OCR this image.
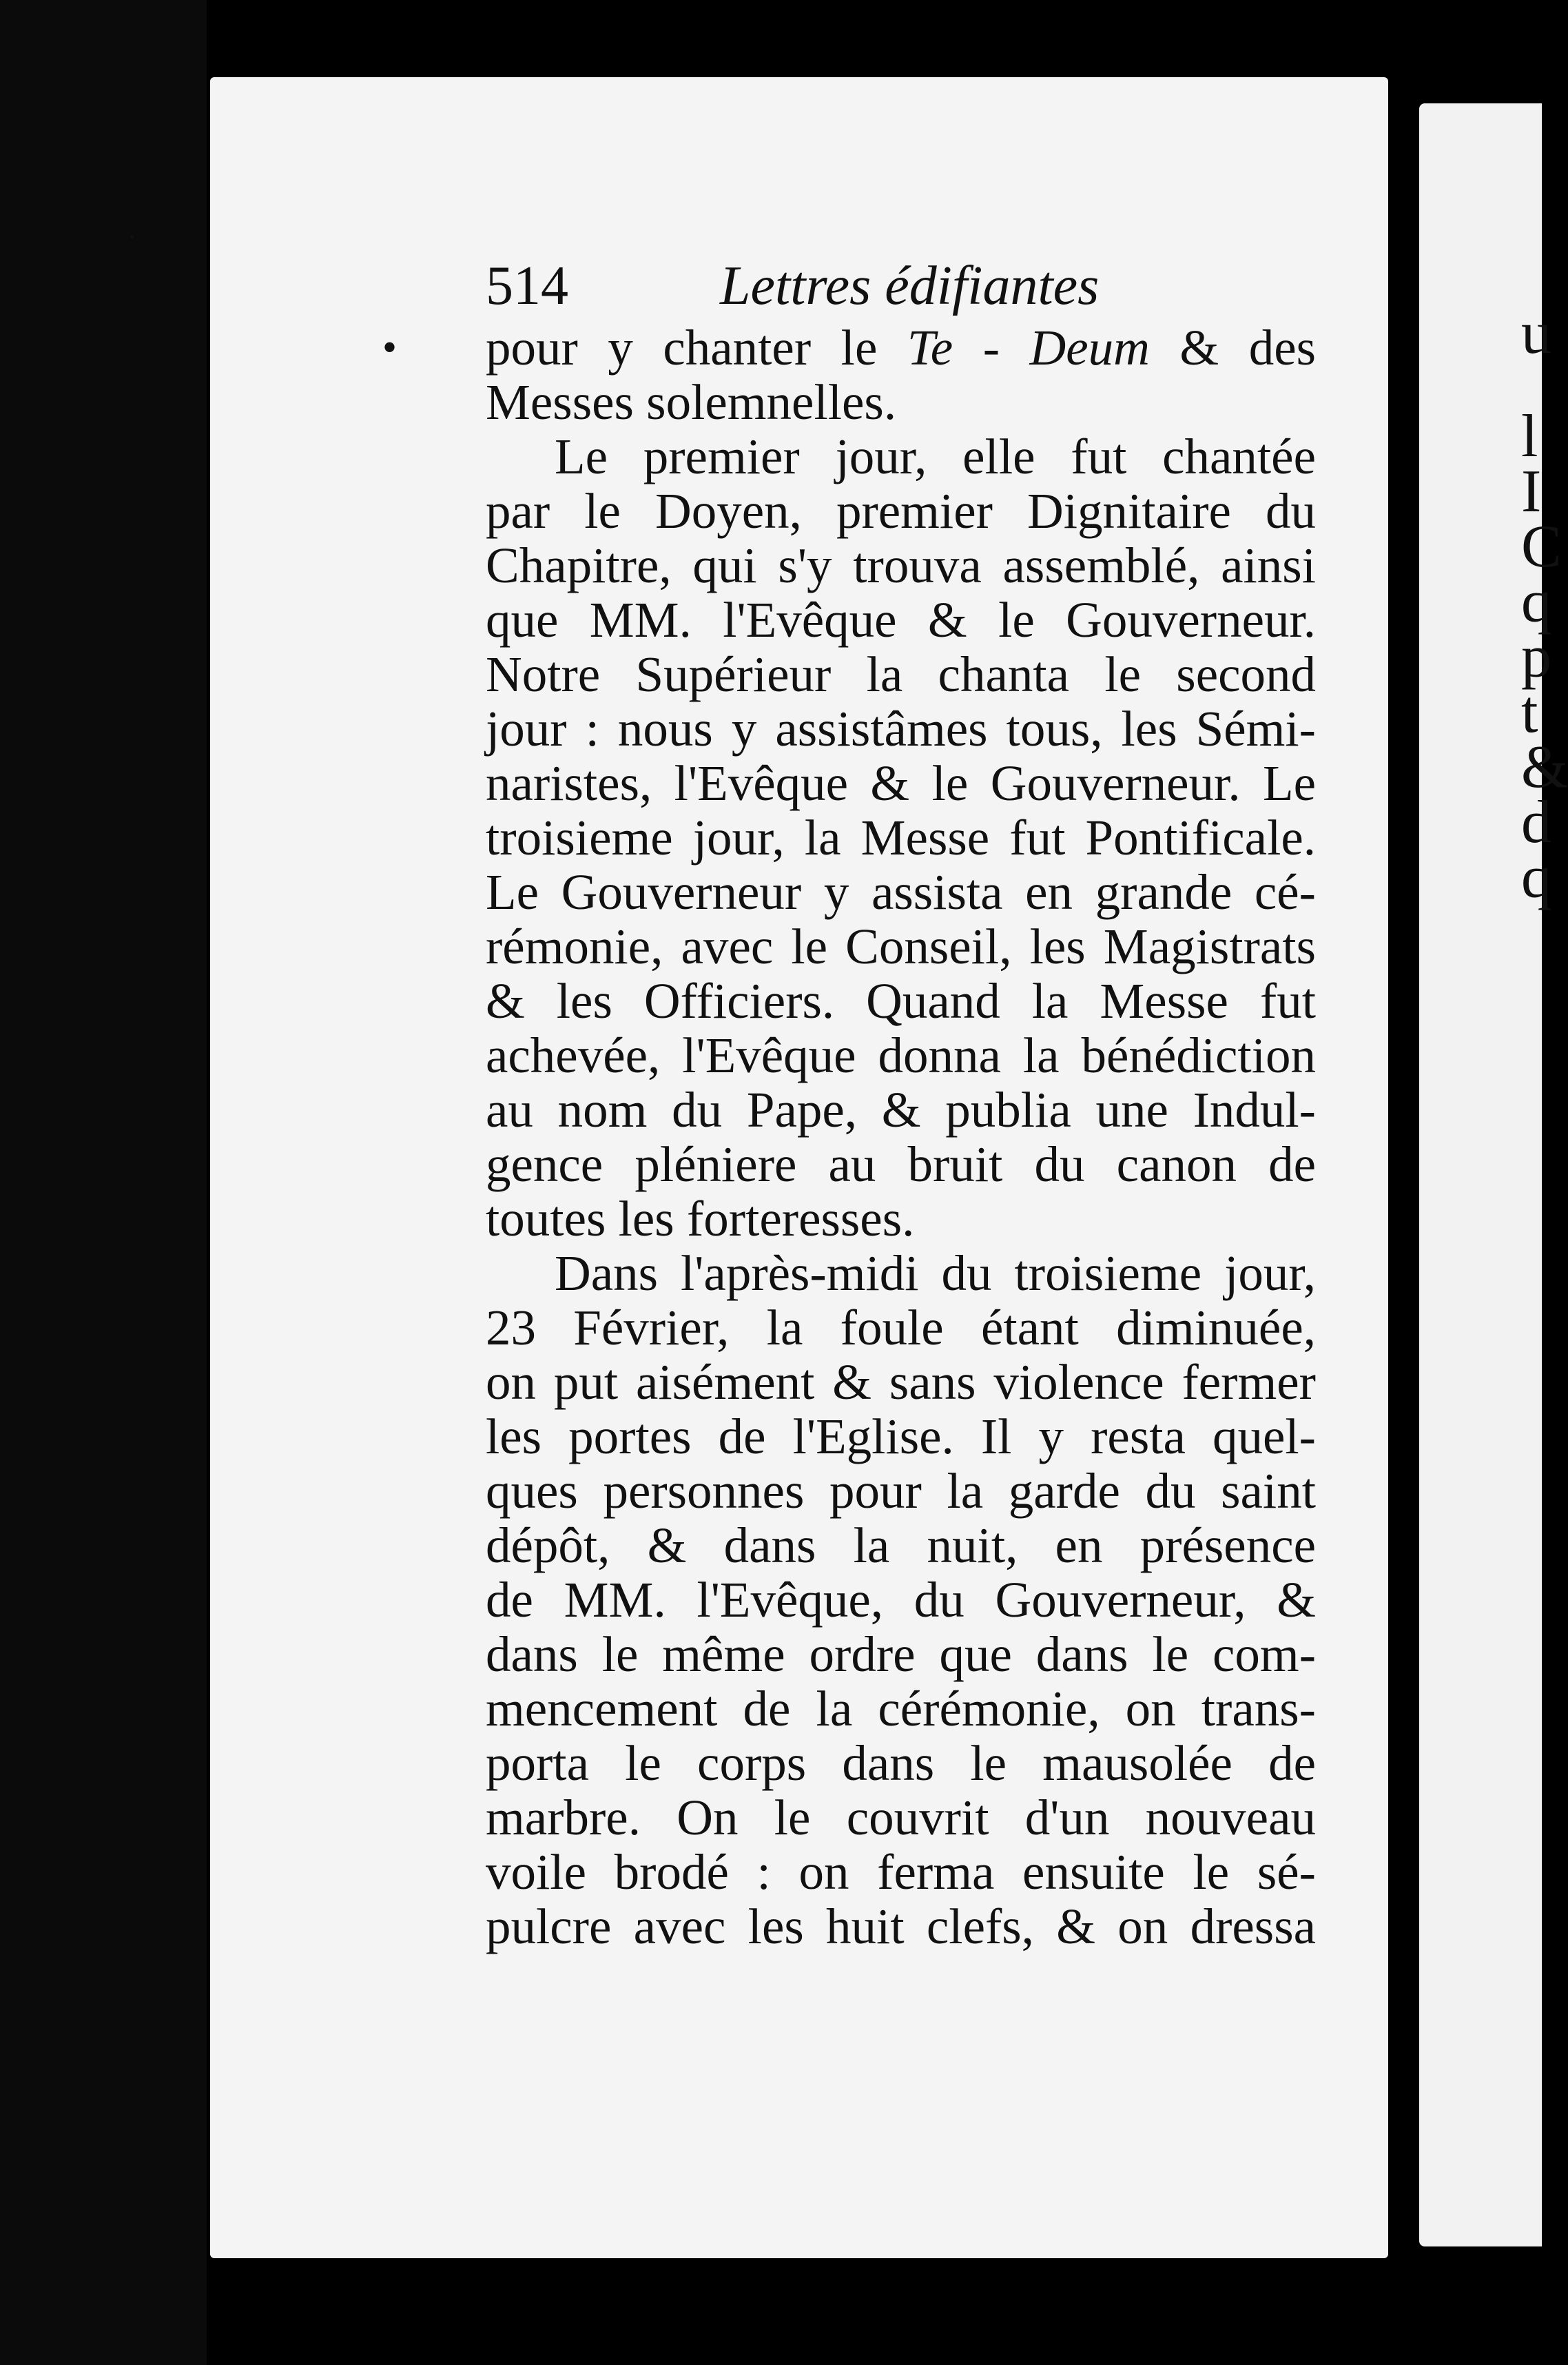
u
l
I
C
q
p
t
&
d
q
·
•
514	Lettres édifiantes
pour y chanter le Te - Deum & des
Messes solemnelles.
Le premier jour, elle fut chantée
par le Doyen, premier Dignitaire du
Chapitre, qui s'y trouva assemblé, ainsi
que MM. l'Evêque & le Gouverneur.
Notre Supérieur la chanta le second
jour : nous y assistâmes tous, les Sémi-
naristes, l'Evêque & le Gouverneur. Le
troisieme jour, la Messe fut Pontificale.
Le Gouverneur y assista en grande cé-
rémonie, avec le Conseil, les Magistrats
& les Officiers. Quand la Messe fut
achevée, l'Evêque donna la bénédiction
au nom du Pape, & publia une Indul-
gence pléniere au bruit du canon de
toutes les forteresses.
Dans l'après-midi du troisieme jour,
23 Février, la foule étant diminuée,
on put aisément & sans violence fermer
les portes de l'Eglise. Il y resta quel-
ques personnes pour la garde du saint
dépôt, & dans la nuit, en présence
de MM. l'Evêque, du Gouverneur, &
dans le même ordre que dans le com-
mencement de la cérémonie, on trans-
porta le corps dans le mausolée de
marbre. On le couvrit d'un nouveau
voile brodé : on ferma ensuite le sé-
pulcre avec les huit clefs, & on dressa
